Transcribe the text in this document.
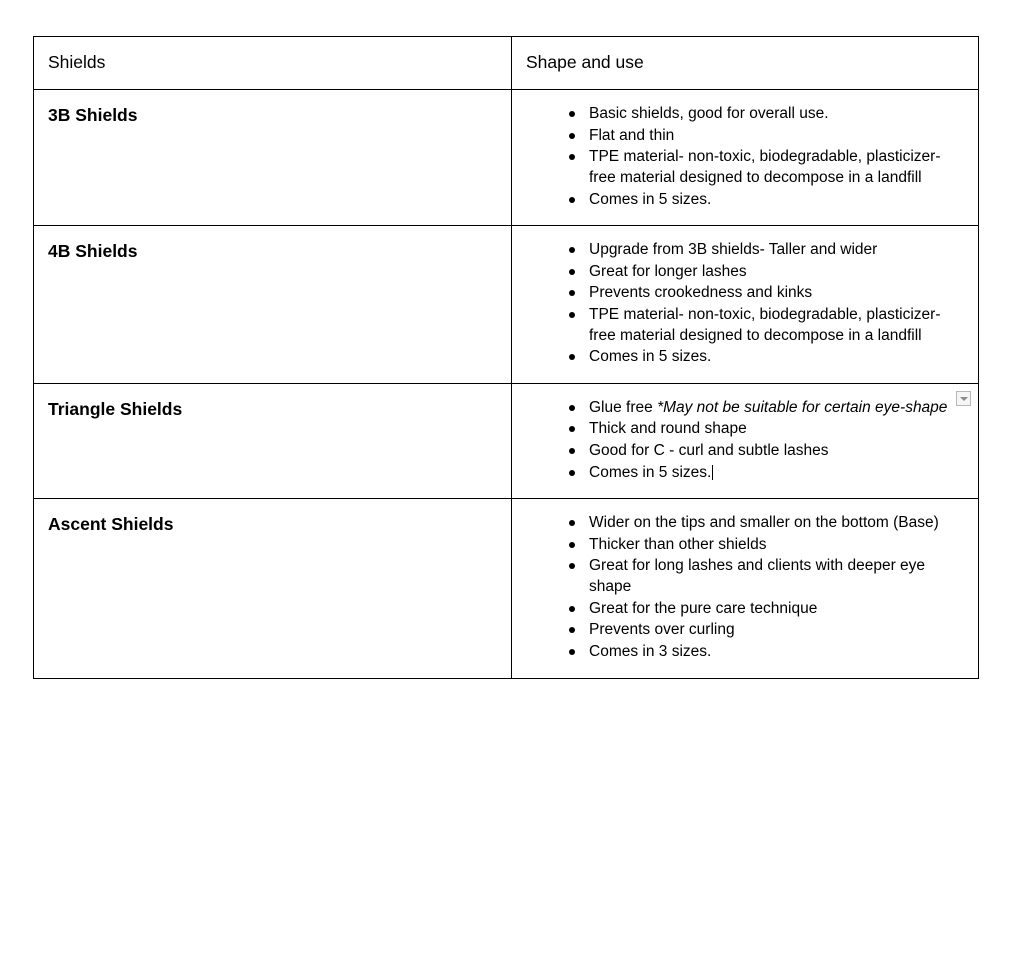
Shields	Shape and use

3B Shields	Basic shields, good for overall use.
Flat and thin
TPE material- non-toxic, biodegradable, plasticizer-free material designed to decompose in a landfill
Comes in 5 sizes.

4B Shields	Upgrade from 3B shields- Taller and wider
Great for longer lashes
Prevents crookedness and kinks
TPE material- non-toxic, biodegradable, plasticizer-free material designed to decompose in a landfill
Comes in 5 sizes.

Triangle Shields	Glue free *May not be suitable for certain eye-shape
Thick and round shape
Good for C - curl and subtle lashes
Comes in 5 sizes.

Ascent Shields	Wider on the tips and smaller on the bottom (Base)
Thicker than other shields
Great for long lashes and clients with deeper eye shape
Great for the pure care technique
Prevents over curling
Comes in 3 sizes.
